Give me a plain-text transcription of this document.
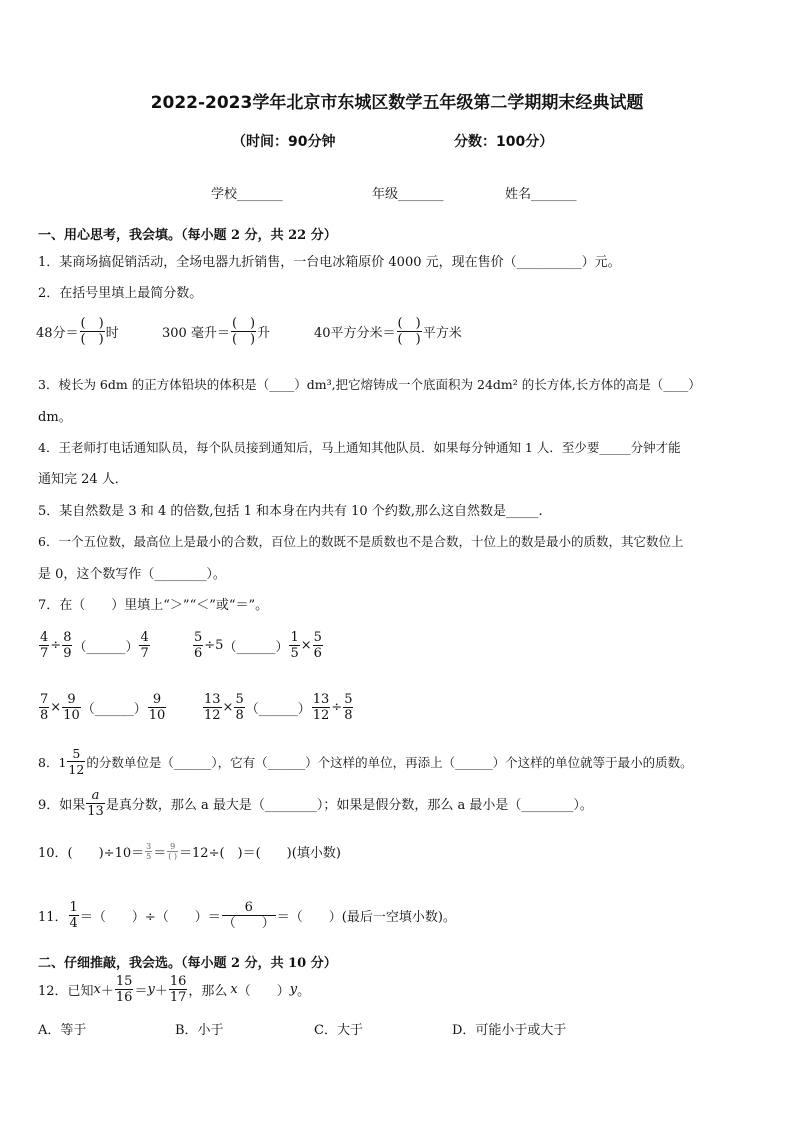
2022-2023学年北京市东城区数学五年级第二学期期末经典试题
（时间：90分钟	分数：100分）
学校_______	年级_______	姓名_______
一、用心思考，我会填。（每小题 2 分，共 22 分）
1．某商场搞促销活动，全场电器九折销售，一台电冰箱原价 4000 元，现在售价（__________）元。
2．在括号里填上最简分数。
48分＝ $\frac{( )}{( )}$ 时	300 毫升＝ $\frac{( )}{( )}$ 升	40平方分米＝ $\frac{( )}{( )}$ 平方米
3．棱长为 6dm 的正方体铅块的体积是（____）dm³,把它熔铸成一个底面积为 24dm² 的长方体,长方体的高是（____）
dm。
4．王老师打电话通知队员，每个队员接到通知后，马上通知其他队员．如果每分钟通知 1 人．至少要_____分钟才能
通知完 24 人．
5．某自然数是 3 和 4 的倍数,包括 1 和本身在内共有 10 个约数,那么这自然数是_____.
6．一个五位数，最高位上是最小的合数，百位上的数既不是质数也不是合数，十位上的数是最小的质数，其它数位上
是 0，这个数写作（________）。
7．在（　　）里填上“＞”“＜”或“＝”。
$\frac{4}{7} \div \frac{8}{9}$ （______） $\frac{4}{7}$	$\frac{5}{6} \div 5$ （______） $\frac{1}{5} \times \frac{5}{6}$
$\frac{7}{8} \times \frac{9}{10}$ （______） $\frac{9}{10}$	$\frac{13}{12} \times \frac{5}{8}$ （______） $\frac{13}{12} \div \frac{5}{8}$
8．$1 \frac{5}{12}$ 的分数单位是（______），它有（______）个这样的单位，再添上（______）个这样的单位就等于最小的质数。
9．如果 $\frac{a}{13}$ 是真分数，那么 a 最大是（________）；如果是假分数，那么 a 最小是（________）。
10．(　　)$\div 10= \frac{3}{5} = \frac{9}{( )} =12\div$(　)＝(　　)(填小数)
11． $\frac{1}{4}$ ＝（　　）÷（　　）＝ $\frac{6}{( )}$ ＝（　　）(最后一空填小数)。
二、仔细推敲，我会选。（每小题 2 分，共 10 分）
12．已知 $x + \frac{15}{16} = y + \frac{16}{17}$ ，那么 x （　　） y 。
A．等于	B．小于	C．大于	D．可能小于或大于
